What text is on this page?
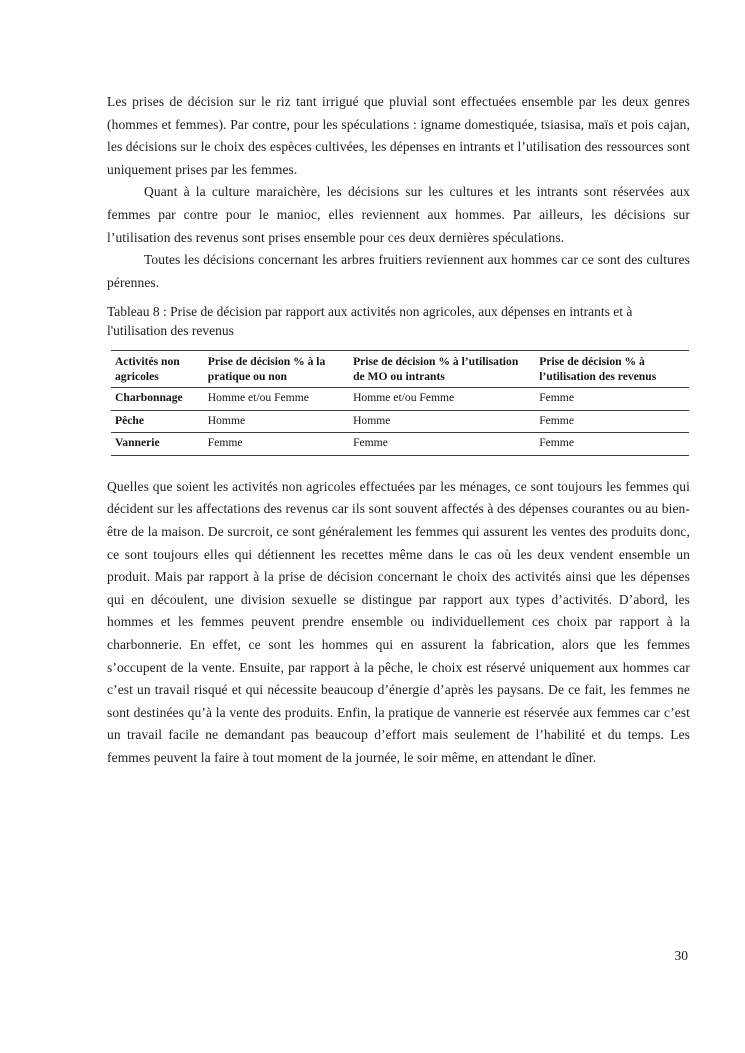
Les prises de décision sur le riz tant irrigué que pluvial sont effectuées ensemble par les deux genres (hommes et femmes). Par contre, pour les spéculations : igname domestiquée, tsiasisa, maïs et pois cajan, les décisions sur le choix des espèces cultivées, les dépenses en intrants et l’utilisation des ressources sont uniquement prises par les femmes.

Quant à la culture maraichère, les décisions sur les cultures et les intrants sont réservées aux femmes par contre pour le manioc, elles reviennent aux hommes. Par ailleurs, les décisions sur l’utilisation des revenus sont prises ensemble pour ces deux dernières spéculations.

Toutes les décisions concernant les arbres fruitiers reviennent aux hommes car ce sont des cultures pérennes.

Tableau 8 : Prise de décision par rapport aux activités non agricoles, aux dépenses en intrants et à l'utilisation des revenus

Activités non agricoles	Prise de décision % à la pratique ou non	Prise de décision % à l’utilisation de MO ou intrants	Prise de décision % à l’utilisation des revenus
Charbonnage	Homme et/ou Femme	Homme et/ou Femme	Femme
Pêche	Homme	Homme	Femme
Vannerie	Femme	Femme	Femme

Quelles que soient les activités non agricoles effectuées par les ménages, ce sont toujours les femmes qui décident sur les affectations des revenus car ils sont souvent affectés à des dépenses courantes ou au bien-être de la maison. De surcroit, ce sont généralement les femmes qui assurent les ventes des produits donc, ce sont toujours elles qui détiennent les recettes même dans le cas où les deux vendent ensemble un produit. Mais par rapport à la prise de décision concernant le choix des activités ainsi que les dépenses qui en découlent, une division sexuelle se distingue par rapport aux types d’activités. D’abord, les hommes et les femmes peuvent prendre ensemble ou individuellement ces choix par rapport à la charbonnerie. En effet, ce sont les hommes qui en assurent la fabrication, alors que les femmes s’occupent de la vente. Ensuite, par rapport à la pêche, le choix est réservé uniquement aux hommes car c’est un travail risqué et qui nécessite beaucoup d’énergie d’après les paysans. De ce fait, les femmes ne sont destinées qu’à la vente des produits. Enfin, la pratique de vannerie est réservée aux femmes car c’est un travail facile ne demandant pas beaucoup d’effort mais seulement de l’habilité et du temps. Les femmes peuvent la faire à tout moment de la journée, le soir même, en attendant le dîner.

30
